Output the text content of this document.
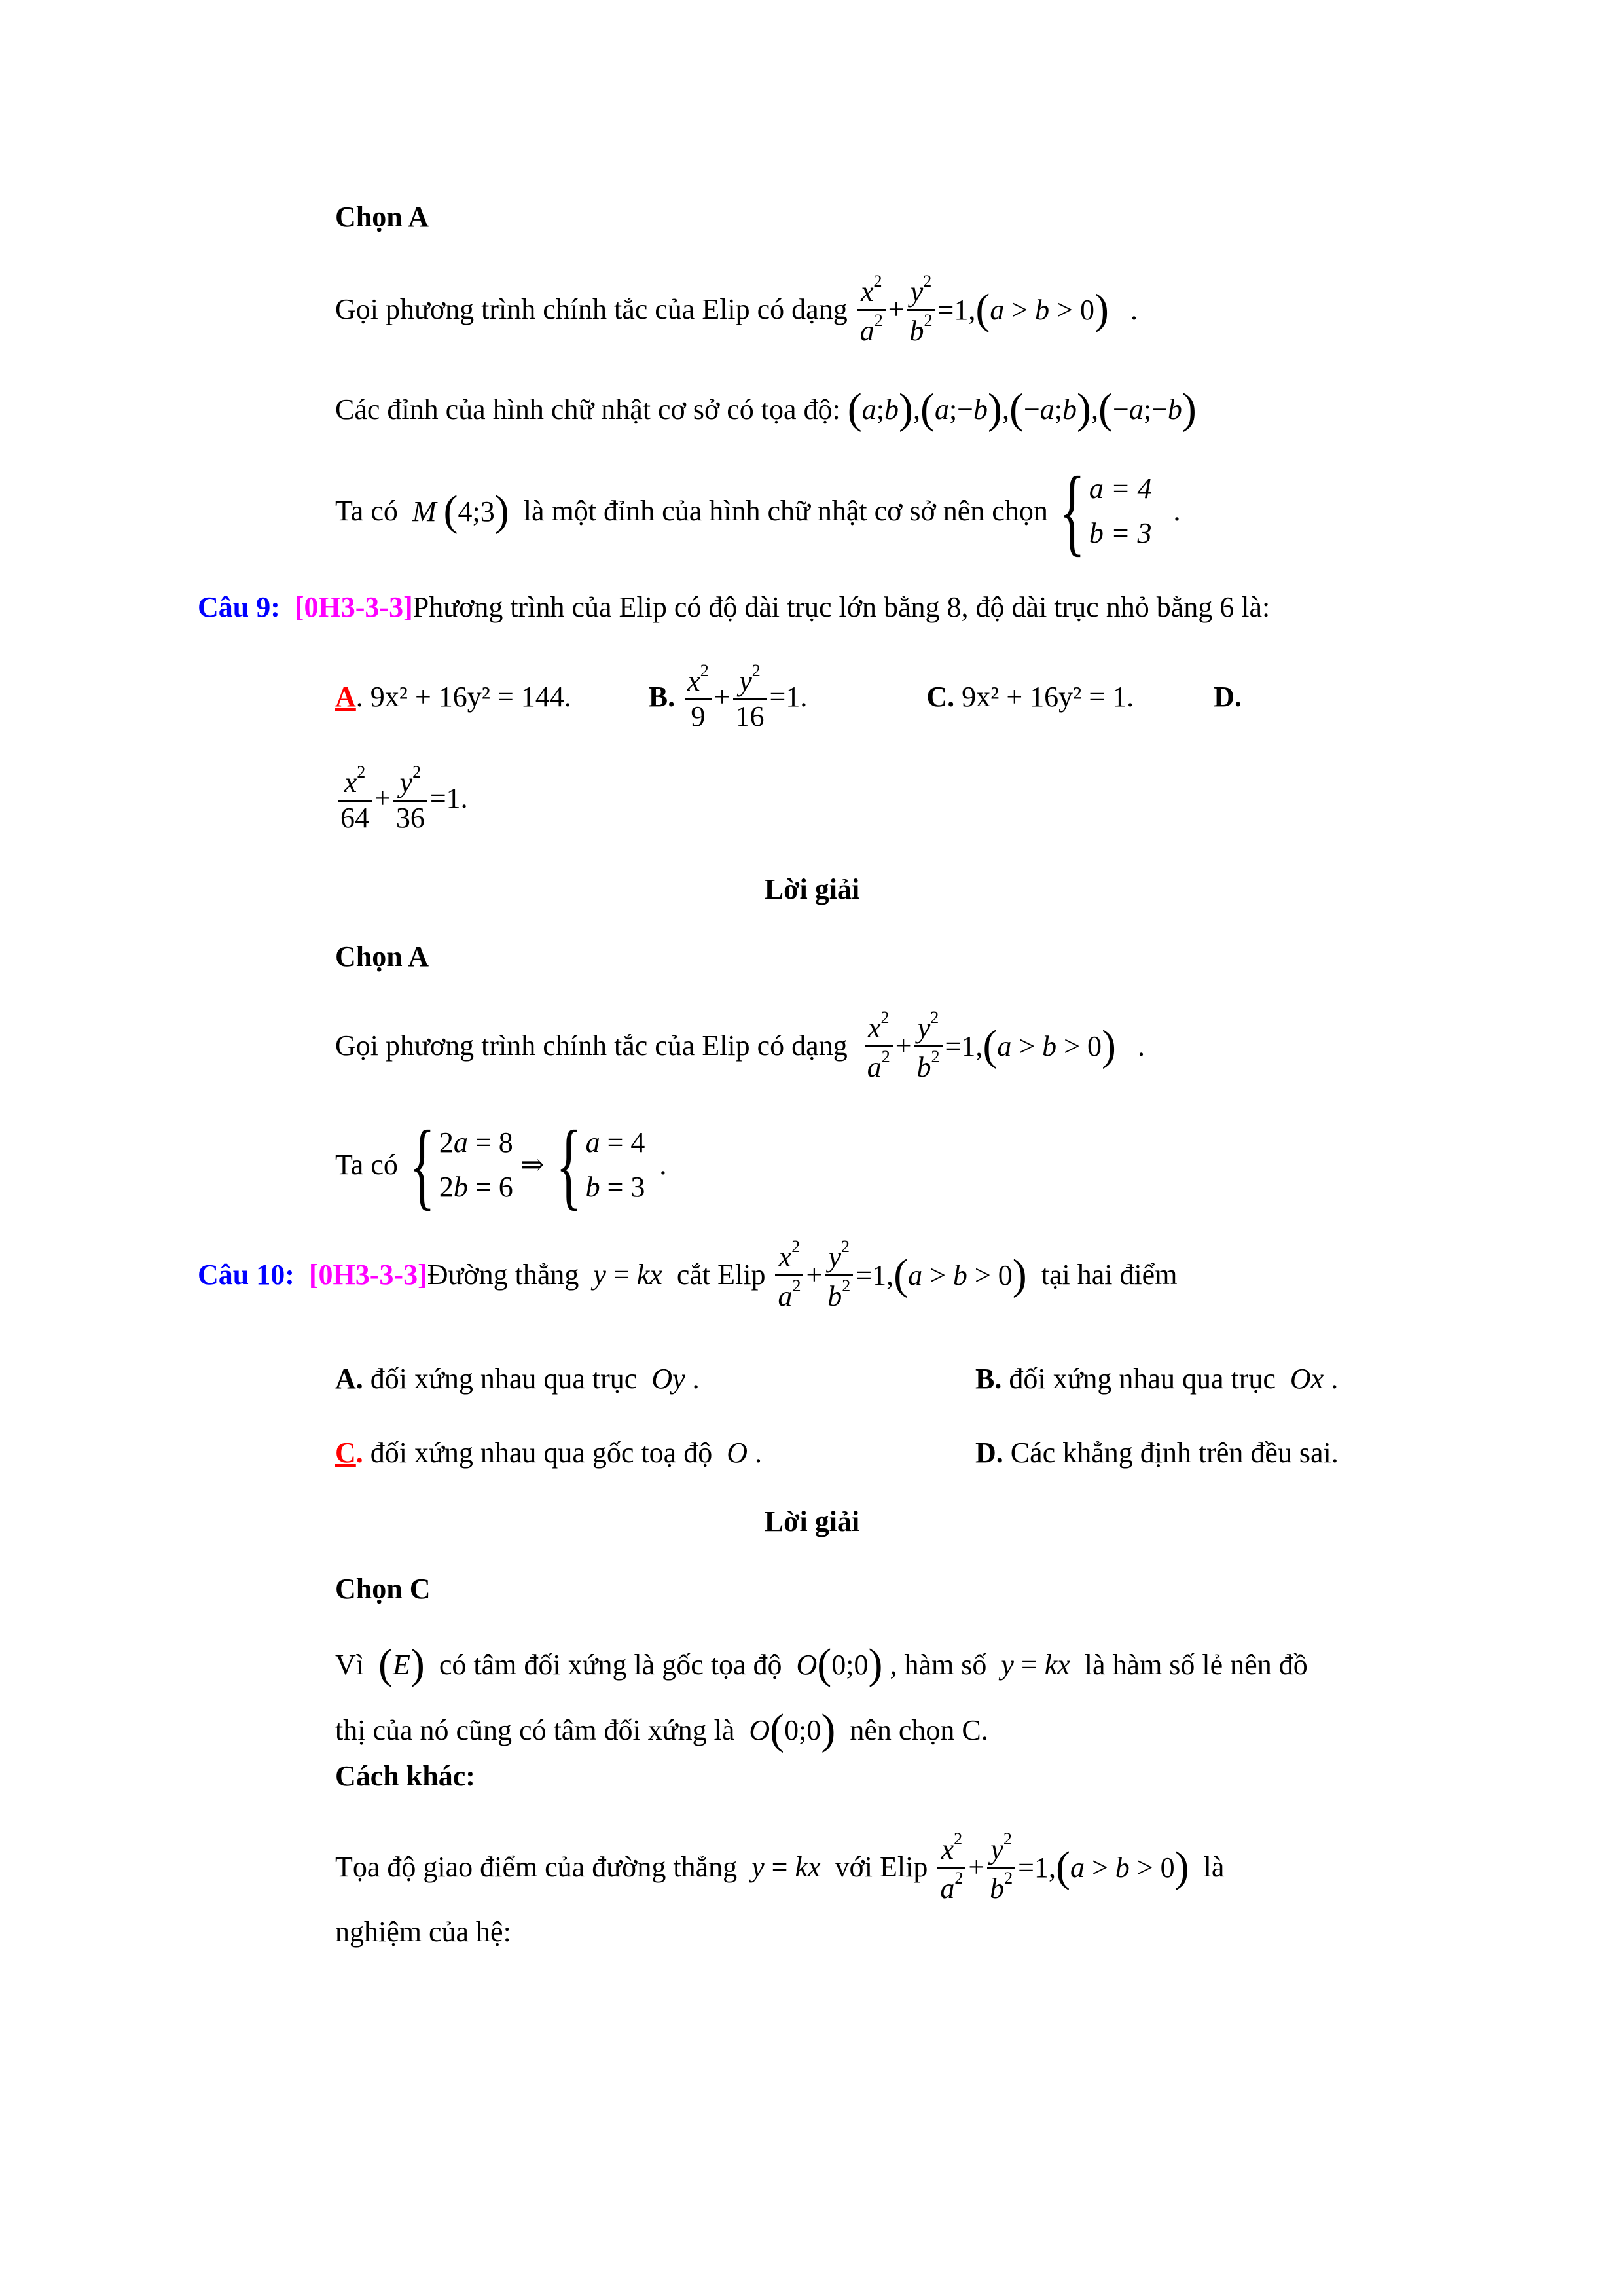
Chọn A
Gọi phương trình chính tắc của Elip có dạng $\frac{x^2}{a^2} + \frac{y^2}{b^2} =1,(a > b > 0)$   .
Các đỉnh của hình chữ nhật cơ sở có tọa độ: (a;b),(a;−b),(−a;b),(−a;−b)
Ta có M (4;3) là một đỉnh của hình chữ nhật cơ sở nên chọn { a = 4
b = 3   .
Câu 9: [0H3-3-3]Phương trình của Elip có độ dài trục lớn bằng 8, độ dài trục nhỏ bằng 6 là:
A. 9x² + 16y² = 144.	B. $\frac{x^2}{9} + \frac{y^2}{16} =1$.	C. 9x² + 16y² = 1.	D.
$\frac{x^2}{64} + \frac{y^2}{36} =1$.
Lời giải
Chọn A
Gọi phương trình chính tắc của Elip có dạng $\frac{x^2}{a^2} + \frac{y^2}{b^2} =1,(a > b > 0)$   .
Ta có { 2a = 8
2b = 6 ⇒ { a = 4
b = 3  .
Câu 10: [0H3-3-3]Đường thẳng y = kx cắt Elip $\frac{x^2}{a^2} + \frac{y^2}{b^2} =1,(a > b > 0)$ tại hai điểm
A. đối xứng nhau qua trục Oy .	B. đối xứng nhau qua trục Ox .
C. đối xứng nhau qua gốc toạ độ O .	D. Các khẳng định trên đều sai.
Lời giải
Chọn C
Vì (E) có tâm đối xứng là gốc tọa độ O(0;0) , hàm số y = kx là hàm số lẻ nên đồ
thị của nó cũng có tâm đối xứng là O(0;0) nên chọn C.
Cách khác:
Tọa độ giao điểm của đường thẳng y = kx với Elip $\frac{x^2}{a^2} + \frac{y^2}{b^2} =1,(a > b > 0)$ là
nghiệm của hệ:
